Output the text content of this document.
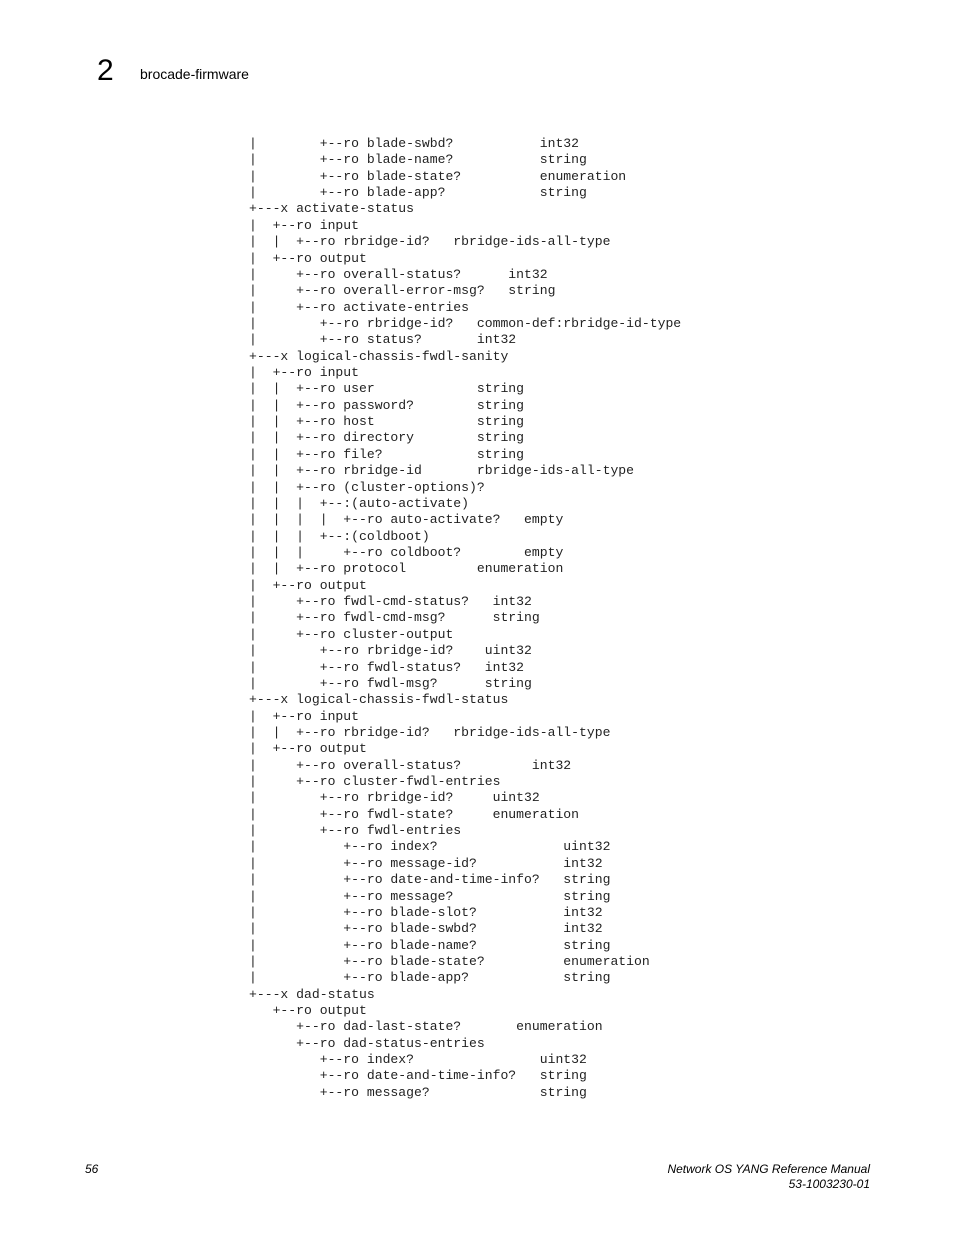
2 brocade-firmware
|        +--ro blade-swbd?           int32
|        +--ro blade-name?           string
|        +--ro blade-state?          enumeration
|        +--ro blade-app?            string
+---x activate-status
|  +--ro input
|  |  +--ro rbridge-id?   rbridge-ids-all-type
|  +--ro output
|     +--ro overall-status?      int32
|     +--ro overall-error-msg?   string
|     +--ro activate-entries
|        +--ro rbridge-id?   common-def:rbridge-id-type
|        +--ro status?       int32
+---x logical-chassis-fwdl-sanity
|  +--ro input
|  |  +--ro user             string
|  |  +--ro password?        string
|  |  +--ro host             string
|  |  +--ro directory        string
|  |  +--ro file?            string
|  |  +--ro rbridge-id       rbridge-ids-all-type
|  |  +--ro (cluster-options)?
|  |  |  +--:(auto-activate)
|  |  |  |  +--ro auto-activate?   empty
|  |  |  +--:(coldboot)
|  |  |     +--ro coldboot?        empty
|  |  +--ro protocol         enumeration
|  +--ro output
|     +--ro fwdl-cmd-status?   int32
|     +--ro fwdl-cmd-msg?      string
|     +--ro cluster-output
|        +--ro rbridge-id?    uint32
|        +--ro fwdl-status?   int32
|        +--ro fwdl-msg?      string
+---x logical-chassis-fwdl-status
|  +--ro input
|  |  +--ro rbridge-id?   rbridge-ids-all-type
|  +--ro output
|     +--ro overall-status?         int32
|     +--ro cluster-fwdl-entries
|        +--ro rbridge-id?     uint32
|        +--ro fwdl-state?     enumeration
|        +--ro fwdl-entries
|           +--ro index?                uint32
|           +--ro message-id?           int32
|           +--ro date-and-time-info?   string
|           +--ro message?              string
|           +--ro blade-slot?           int32
|           +--ro blade-swbd?           int32
|           +--ro blade-name?           string
|           +--ro blade-state?          enumeration
|           +--ro blade-app?            string
+---x dad-status
+--ro output
+--ro dad-last-state?       enumeration
+--ro dad-status-entries
+--ro index?                uint32
+--ro date-and-time-info?   string
+--ro message?              string
56	Network OS YANG Reference Manual
53-1003230-01
